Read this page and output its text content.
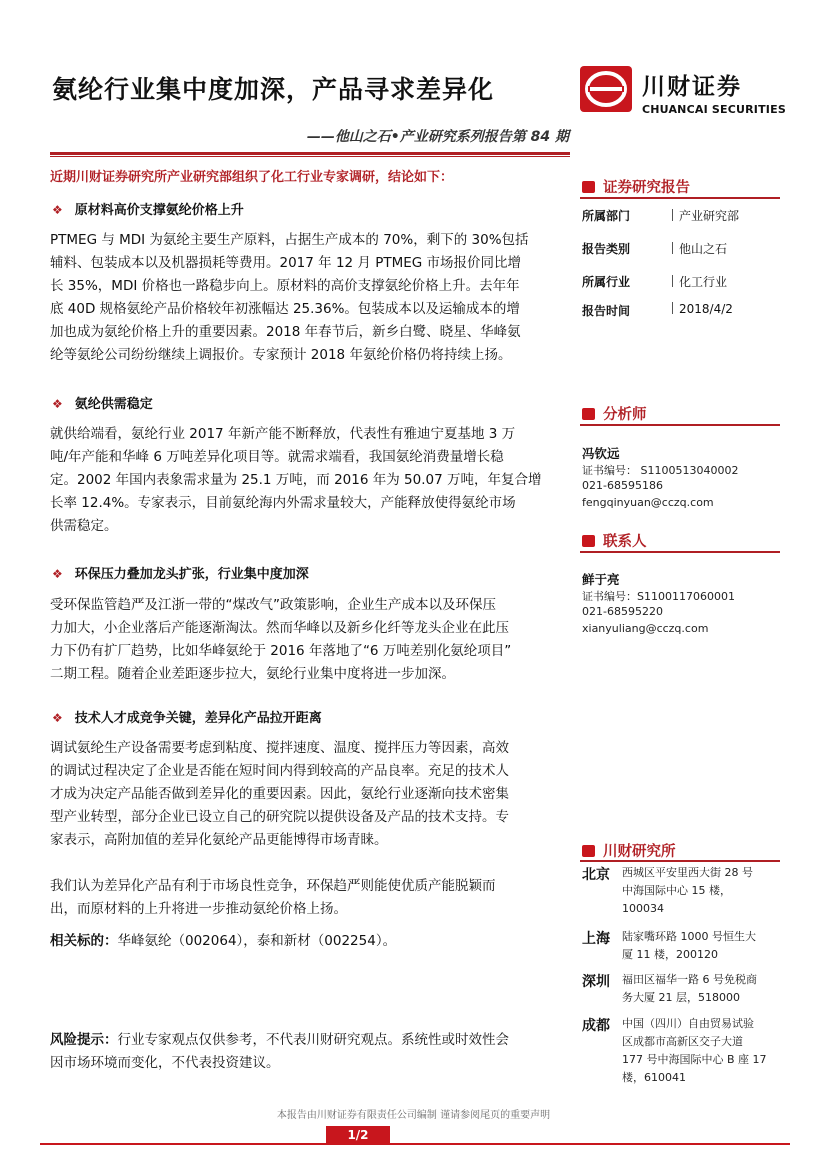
氨纶行业集中度加深，产品寻求差异化
——他山之石•产业研究系列报告第 84 期
川财证券
CHUANCAI SECURITIES
近期川财证券研究所产业研究部组织了化工行业专家调研，结论如下：
❖ 原材料高价支撑氨纶价格上升
PTMEG 与 MDI 为氨纶主要生产原料，占据生产成本的 70%，剩下的 30%包括
辅料、包装成本以及机器损耗等费用。2017 年 12 月 PTMEG 市场报价同比增
长 35%，MDI 价格也一路稳步向上。原材料的高价支撑氨纶价格上升。去年年
底 40D 规格氨纶产品价格较年初涨幅达 25.36%。包装成本以及运输成本的增
加也成为氨纶价格上升的重要因素。2018 年春节后，新乡白鹭、晓星、华峰氨
纶等氨纶公司纷纷继续上调报价。专家预计 2018 年氨纶价格仍将持续上扬。
❖ 氨纶供需稳定
就供给端看，氨纶行业 2017 年新产能不断释放，代表性有雅迪宁夏基地 3 万
吨/年产能和华峰 6 万吨差异化项目等。就需求端看，我国氨纶消费量增长稳
定。2002 年国内表象需求量为 25.1 万吨，而 2016 年为 50.07 万吨，年复合增
长率 12.4%。专家表示，目前氨纶海内外需求量较大，产能释放使得氨纶市场
供需稳定。
❖ 环保压力叠加龙头扩张，行业集中度加深
受环保监管趋严及江浙一带的“煤改气”政策影响，企业生产成本以及环保压
力加大，小企业落后产能逐渐淘汰。然而华峰以及新乡化纤等龙头企业在此压
力下仍有扩厂趋势，比如华峰氨纶于 2016 年落地了“6 万吨差别化氨纶项目”
二期工程。随着企业差距逐步拉大，氨纶行业集中度将进一步加深。
❖ 技术人才成竞争关键，差异化产品拉开距离
调试氨纶生产设备需要考虑到粘度、搅拌速度、温度、搅拌压力等因素，高效
的调试过程决定了企业是否能在短时间内得到较高的产品良率。充足的技术人
才成为决定产品能否做到差异化的重要因素。因此，氨纶行业逐渐向技术密集
型产业转型，部分企业已设立自己的研究院以提供设备及产品的技术支持。专
家表示，高附加值的差异化氨纶产品更能博得市场青睐。
我们认为差异化产品有利于市场良性竞争，环保趋严则能使优质产能脱颖而
出，而原材料的上升将进一步推动氨纶价格上扬。
相关标的：华峰氨纶（002064），泰和新材（002254）。
风险提示：行业专家观点仅供参考，不代表川财研究观点。系统性或时效性会
因市场环境而变化，不代表投资建议。
证券研究报告
所属部门	产业研究部
报告类别	他山之石
所属行业	化工行业
报告时间	2018/4/2
分析师
冯钦远
证书编号： S1100513040002
021-68595186
fengqinyuan@cczq.com
联系人
鲜于亮
证书编号：S1100117060001
021-68595220
xianyuliang@cczq.com
川财研究所
北京 西城区平安里西大街 28 号
中海国际中心 15 楼，
100034
上海 陆家嘴环路 1000 号恒生大
厦 11 楼，200120
深圳 福田区福华一路 6 号免税商
务大厦 21 层，518000
成都 中国（四川）自由贸易试验
区成都市高新区交子大道
177 号中海国际中心 B 座 17
楼，610041
本报告由川财证券有限责任公司编制 谨请参阅尾页的重要声明
1/2
